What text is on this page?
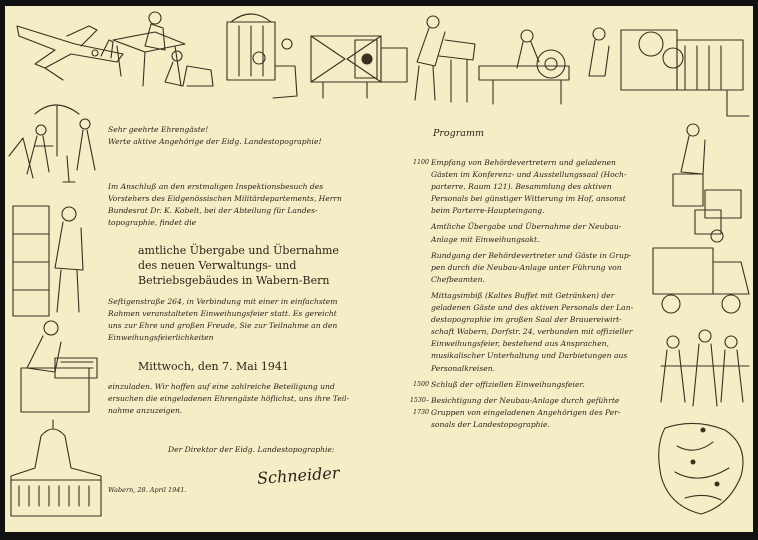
Sehr geehrte Ehrengäste!
Werte aktive Angehörige der Eidg. Landestopographie!
Im Anschluß an den erstmaligen Inspektionsbesuch des
Vorstehers des Eidgenössischen Militärdepartements, Herrn
Bundesrat Dr. K. Kobelt, bei der Abteilung für Landes-
topographie, findet die
amtliche Übergabe und Übernahme
des neuen Verwaltungs- und
Betriebsgebäudes in Wabern-Bern
Seftigenstraße 264, in Verbindung mit einer in einfachstem
Rahmen veranstalteten Einweihungsfeier statt. Es gereicht
uns zur Ehre und großen Freude, Sie zur Teilnahme an den
Einweihungsfeierlichkeiten
Mittwoch, den 7. Mai 1941
einzuladen. Wir hoffen auf eine zahlreiche Beteiligung und
ersuchen die eingeladenen Ehrengäste höflichst, uns ihre Teil-
nahme anzuzeigen.
Der Direktor der Eidg. Landestopographie:
Wabern, 28. April 1941.
Schneider
Programm
1100 Empfang von Behördevertretern und geladenen
Gästen im Konferenz- und Ausstellungssaal (Hoch-
parterre, Raum 121). Besammlung des aktiven
Personals bei günstiger Witterung im Hof, ansonst
beim Parterre-Haupteingang.
Amtliche Übergabe und Übernahme der Neubau-
Anlage mit Einweihungsakt.
Rundgang der Behördevertreter und Gäste in Grup-
pen durch die Neubau-Anlage unter Führung von
Chefbeamten.
Mittagsimbiß (Kaltes Buffet mit Getränken) der
geladenen Gäste und des aktiven Personals der Lan-
destopographie im großen Saal der Brauereiwirt-
schaft Wabern, Dorfstr. 24, verbunden mit offizieller
Einweihungsfeier, bestehend aus Ansprachen,
musikalischer Unterhaltung und Darbietungen aus
Personalkreisen.
1500 Schluß der offiziellen Einweihungsfeier.
1530–1730
Besichtigung der Neubau-Anlage durch geführte
Gruppen von eingeladenen Angehörigen des Per-
sonals der Landestopographie.
